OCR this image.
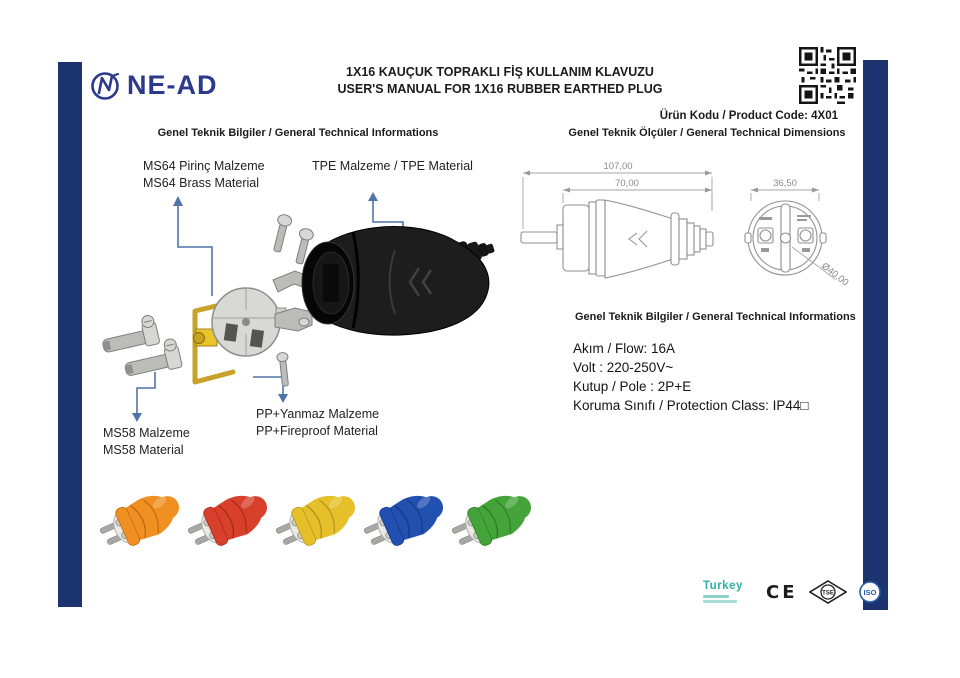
NE-AD	1X16 KAUÇUK TOPRAKLI FİŞ KULLANIM KLAVUZU
USER'S MANUAL FOR 1X16 RUBBER EARTHED PLUG
Ürün Kodu / Product Code: 4X01
Genel Teknik Bilgiler / General Technical Informations	Genel Teknik Ölçüler / General Technical Dimensions
Genel Teknik Bilgiler / General Technical Informations
MS64 Pirinç Malzeme
MS64 Brass Material
TPE Malzeme / TPE Material
MS58 Malzeme
MS58 Material
PP+Yanmaz Malzeme
PP+Fireproof Material
107,00
70,00	36,50
Ø40,00
Akım / Flow: 16A
Volt : 220-250V~
Kutup / Pole : 2P+E
Koruma Sınıfı / Protection Class: IP44□
Turkey	CE	TSE	ISO
